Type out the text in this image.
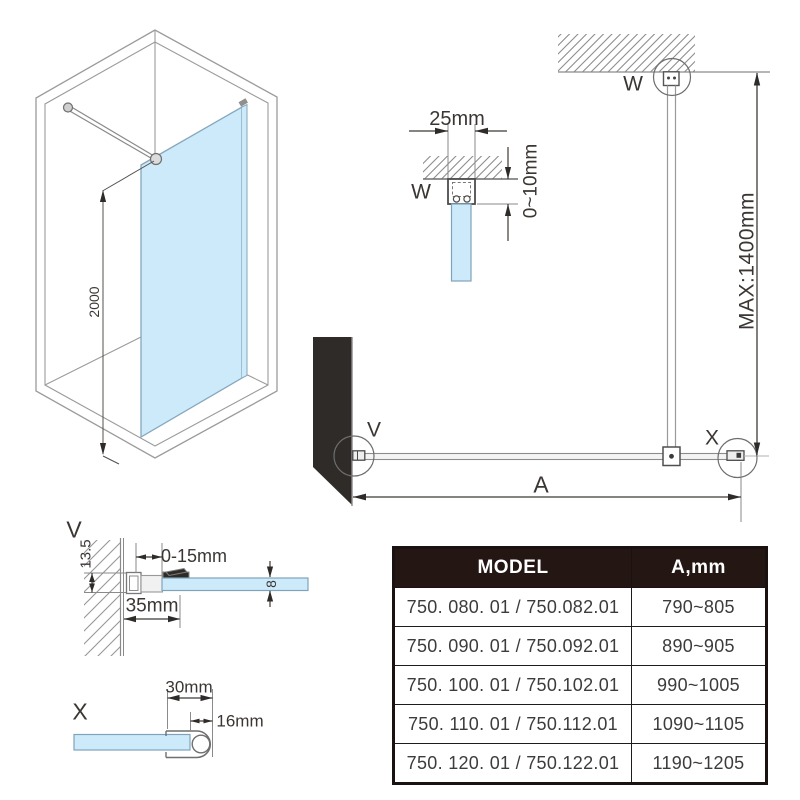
2000
W
25mm
0~10mm
W
MAX:1400mm
V	X
A
V
13.5	0-15mm
35mm
8
X
30mm
16mm
MODEL	A,mm
750. 080. 01 / 750.082.01	790~805
750. 090. 01 / 750.092.01	890~905
750. 100. 01 / 750.102.01	990~1005
750. 110. 01 / 750.112.01	1090~1105
750. 120. 01 / 750.122.01	1190~1205
